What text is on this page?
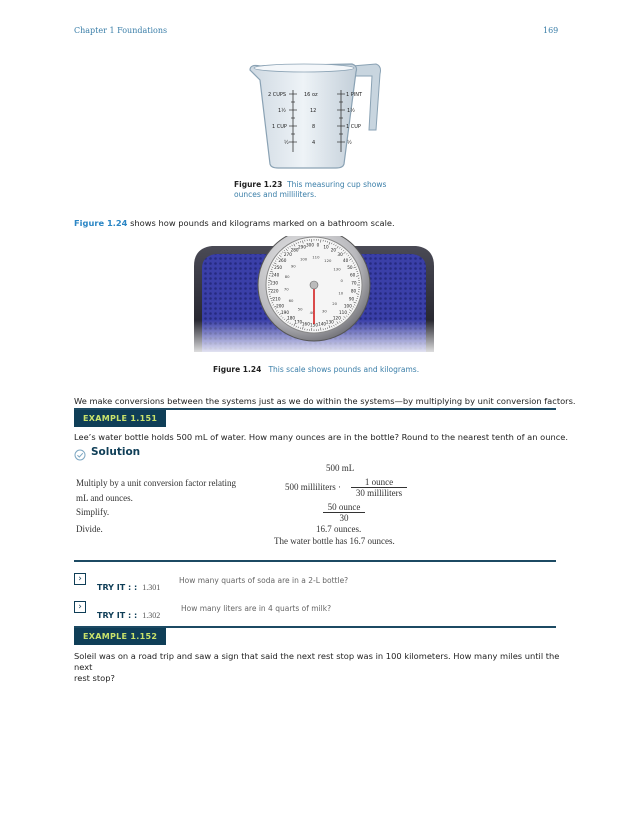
Chapter 1 Foundations	169
2 CUPS	16 oz	1 PINT
1½	12	1½
1 CUP	8	1 CUP
½	4	½
Figure 1.23 This measuring cup shows
ounces and milliliters.
Figure 1.24 shows how pounds and kilograms marked on a bathroom scale.
150
160
170
180
190
200
210
220
230
240
250
260
270
280
290 300 0 10
20
30
40
50
60
70
80
90
100
110
120
130
140
70
80
90
100 110
120
130
0
10
20
30
40
50
60
Figure 1.24 This scale shows pounds and kilograms.
We make conversions between the systems just as we do within the systems—by multiplying by unit conversion factors.
EXAMPLE 1.151
Lee’s water bottle holds 500 mL of water. How many ounces are in the bottle? Round to the nearest tenth of an ounce.
Solution
500 mL
Multiply by a unit conversion factor relating
mL and ounces.
500 milliliters ·	1 ounce
30 milliliters
Simplify.	50 ounce
30
Divide.	16.7 ounces.
The water bottle has 16.7 ounces.
›
TRY IT : : 1.301
How many quarts of soda are in a 2-L bottle?
›
TRY IT : : 1.302
How many liters are in 4 quarts of milk?
EXAMPLE 1.152
Soleil was on a road trip and saw a sign that said the next rest stop was in 100 kilometers. How many miles until the next
rest stop?
